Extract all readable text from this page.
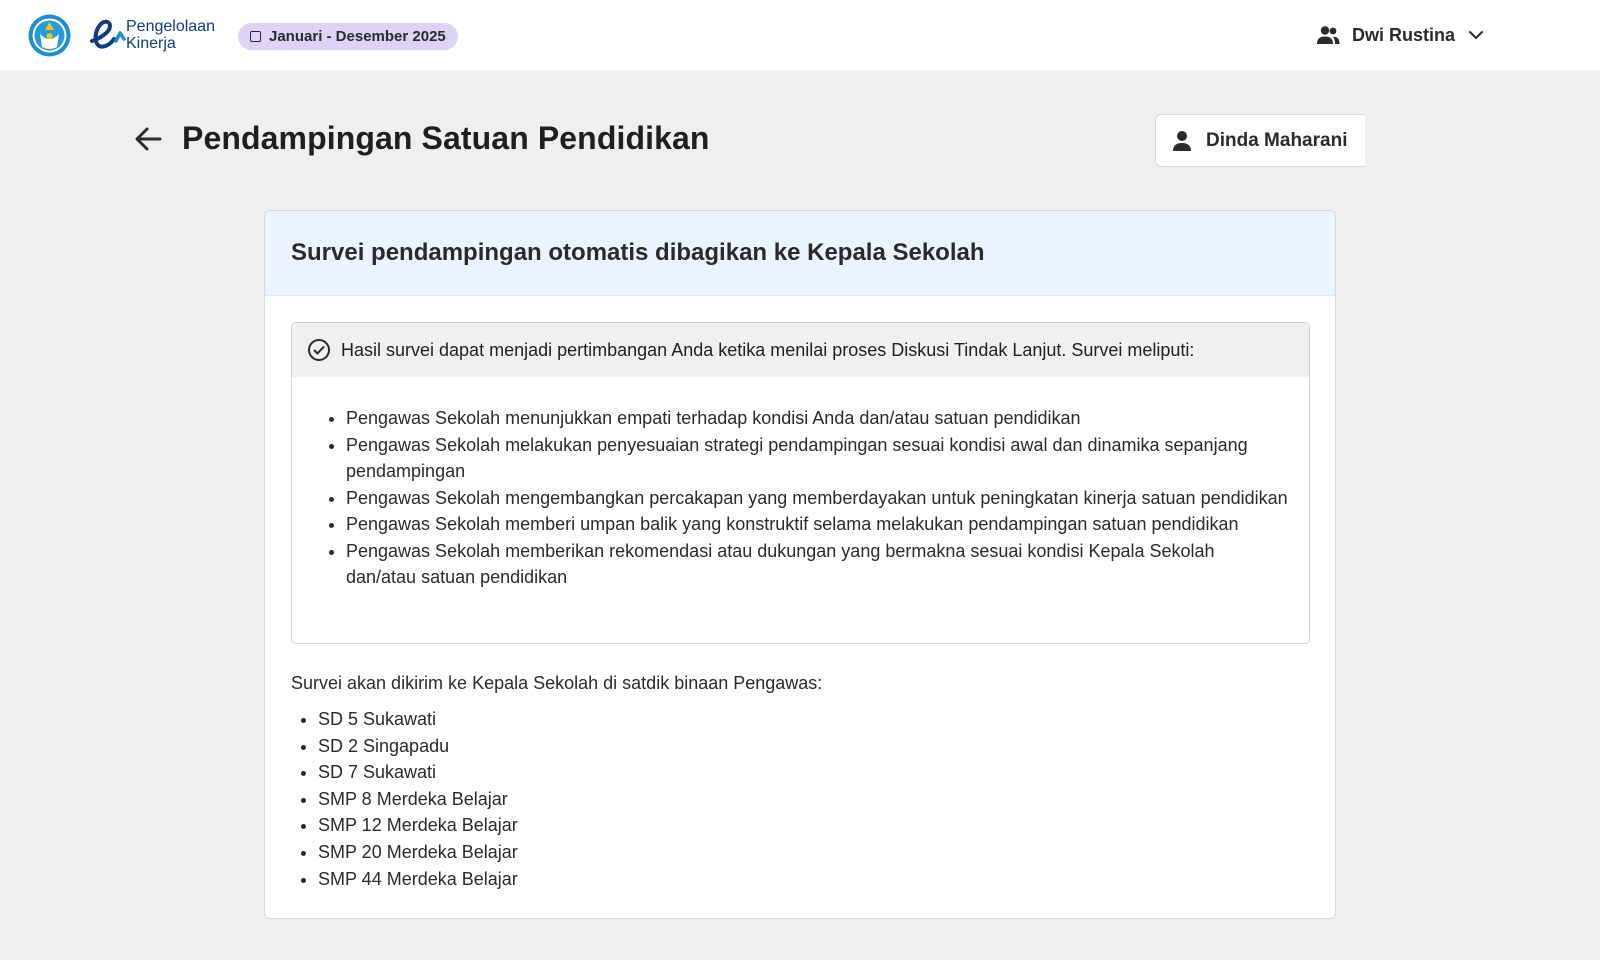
Pengelolaan
Kinerja	Januari - Desember 2025	Dwi Rustina
Pendampingan Satuan Pendidikan	Dinda Maharani
Survei pendampingan otomatis dibagikan ke Kepala Sekolah
Hasil survei dapat menjadi pertimbangan Anda ketika menilai proses Diskusi Tindak Lanjut. Survei meliputi:
• Pengawas Sekolah menunjukkan empati terhadap kondisi Anda dan/atau satuan pendidikan
• Pengawas Sekolah melakukan penyesuaian strategi pendampingan sesuai kondisi awal dan dinamika sepanjang pendampingan
• Pengawas Sekolah mengembangkan percakapan yang memberdayakan untuk peningkatan kinerja satuan pendidikan
• Pengawas Sekolah memberi umpan balik yang konstruktif selama melakukan pendampingan satuan pendidikan
• Pengawas Sekolah memberikan rekomendasi atau dukungan yang bermakna sesuai kondisi Kepala Sekolah dan/atau satuan pendidikan

Survei akan dikirim ke Kepala Sekolah di satdik binaan Pengawas:

• SD 5 Sukawati
• SD 2 Singapadu
• SD 7 Sukawati
• SMP 8 Merdeka Belajar
• SMP 12 Merdeka Belajar
• SMP 20 Merdeka Belajar
• SMP 44 Merdeka Belajar
